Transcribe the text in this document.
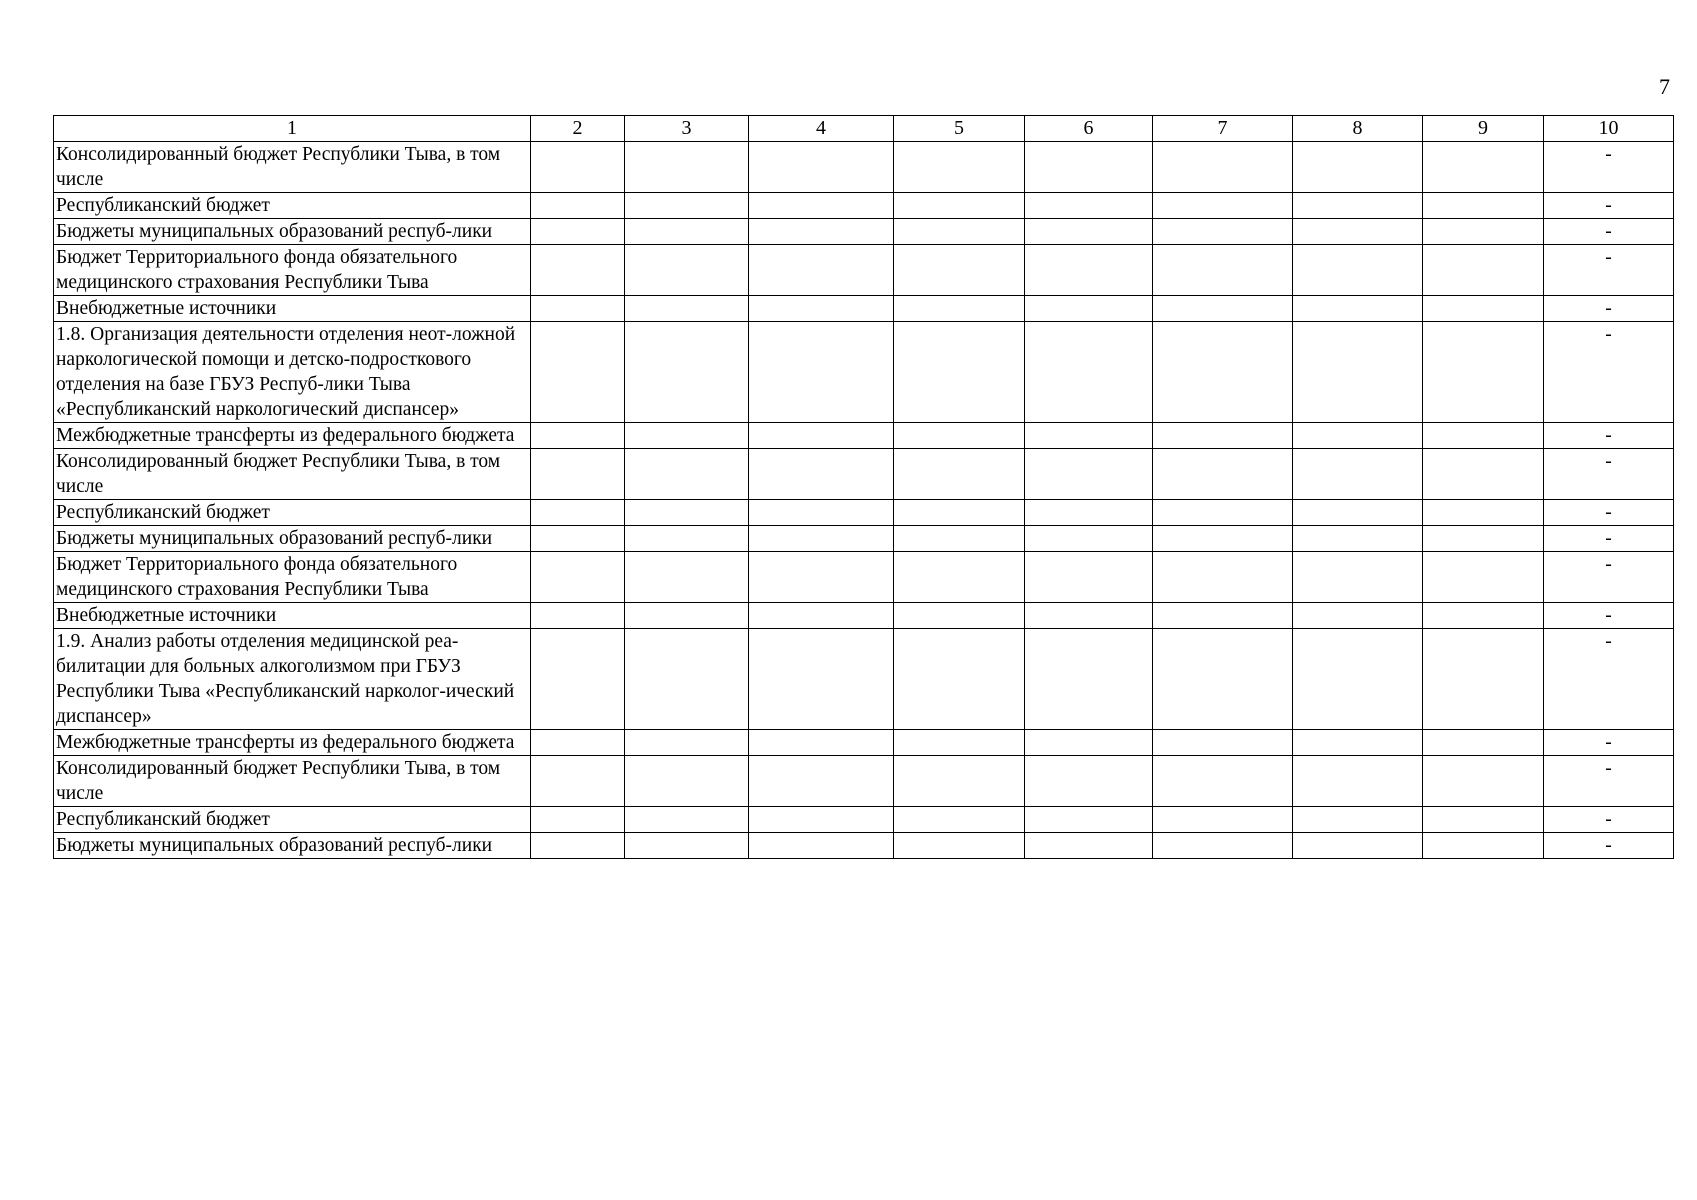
7
1	2	3	4	5	6	7	8	9	10
Консолидированный бюджет Республики Тыва, в том числе									-
Республиканский бюджет									-
Бюджеты муниципальных образований респуб-лики									-
Бюджет Территориального фонда обязательного медицинского страхования Республики Тыва									-
Внебюджетные источники									-
1.8. Организация деятельности отделения неот-ложной наркологической помощи и детско-подросткового отделения на базе ГБУЗ Респуб-лики Тыва «Республиканский наркологический диспансер»									-
Межбюджетные трансферты из федерального бюджета									-
Консолидированный бюджет Республики Тыва, в том числе									-
Республиканский бюджет									-
Бюджеты муниципальных образований респуб-лики									-
Бюджет Территориального фонда обязательного медицинского страхования Республики Тыва									-
Внебюджетные источники									-
1.9. Анализ работы отделения медицинской реа-билитации для больных алкоголизмом при ГБУЗ Республики Тыва «Республиканский нарколог-ический диспансер»									-
Межбюджетные трансферты из федерального бюджета									-
Консолидированный бюджет Республики Тыва, в том числе									-
Республиканский бюджет									-
Бюджеты муниципальных образований респуб-лики									-
